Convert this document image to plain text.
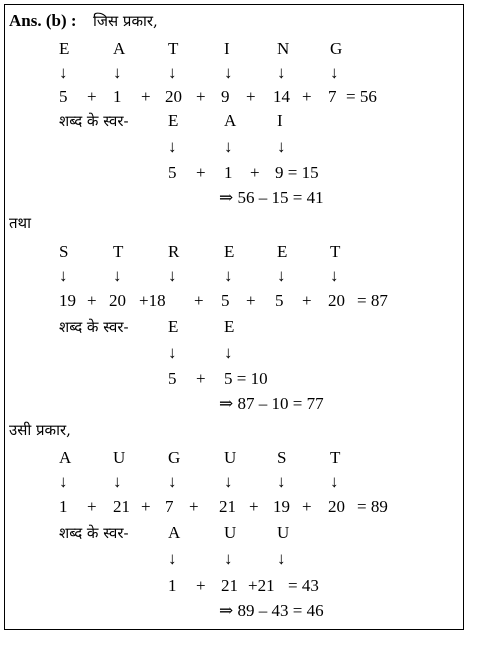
Ans. (b) : जिस प्रकार,
E	A	T	I	N G
↓	↓	↓	↓	↓	↓
5 + 1 + 20 + 9 + 14 + 7 = 56
शब्द के स्वर- E	A I
↓	↓	↓
5 + 1 + 9 = 15
⇒ 56 – 15 = 41
तथा
S	T	R	E	E	T
↓	↓	↓	↓	↓	↓
19 + 20 +18 + 5 + 5 + 20 = 87
शब्द के स्वर- E	E
↓	↓
5 + 5 = 10
⇒ 87 – 10 = 77
उसी प्रकार,
A U	G	U S	T
↓	↓	↓	↓	↓	↓
1 + 21 + 7 + 21 + 19 + 20 = 89
शब्द के स्वर- A	U U
↓	↓	↓
1 + 21 +21 = 43
⇒ 89 – 43 = 46
